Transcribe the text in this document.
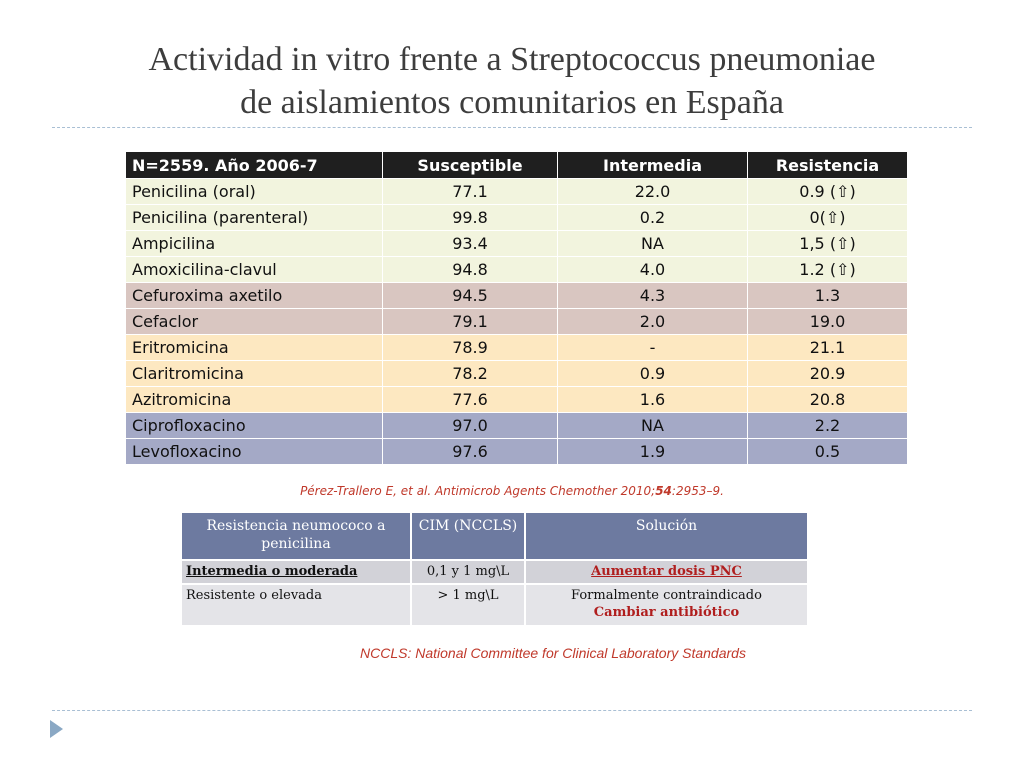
Actividad in vitro frente a Streptococcus pneumoniae
de aislamientos comunitarios en España
N=2559. Año 2006-7	Susceptible	Intermedia	Resistencia
Penicilina (oral)	77.1	22.0	0.9 (⇧)
Penicilina (parenteral)	99.8	0.2	0(⇧)
Ampicilina	93.4	NA	1,5 (⇧)
Amoxicilina-clavul	94.8	4.0	1.2 (⇧)
Cefuroxima axetilo	94.5	4.3	1.3
Cefaclor	79.1	2.0	19.0
Eritromicina	78.9	-	21.1
Claritromicina	78.2	0.9	20.9
Azitromicina	77.6	1.6	20.8
Ciprofloxacino	97.0	NA	2.2
Levofloxacino	97.6	1.9	0.5
Pérez-Trallero E, et al. Antimicrob Agents Chemother 2010;54:2953–9.
Resistencia neumococo a penicilina	CIM (NCCLS)	Solución
Intermedia o moderada	0,1 y 1 mg\L	Aumentar dosis PNC
Resistente o elevada	> 1 mg\L	Formalmente contraindicado
Cambiar antibiótico
NCCLS: National Committee for Clinical Laboratory Standards
